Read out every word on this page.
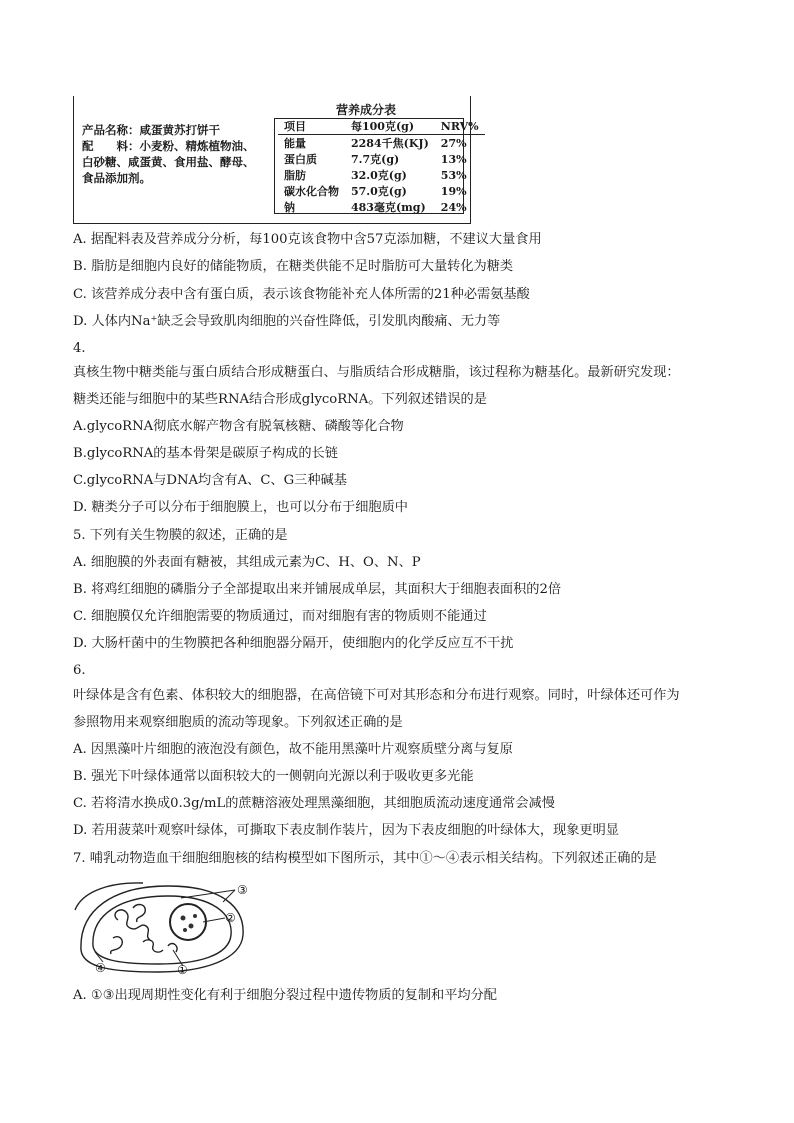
产品名称：咸蛋黄苏打饼干
配　　料：小麦粉、精炼植物油、
白砂糖、咸蛋黄、食用盐、酵母、
食品添加剂。
营养成分表
项目	每100克(g)	NRV%
能量	2284千焦(KJ)	27%
蛋白质	7.7克(g)	13%
脂肪	32.0克(g)	53%
碳水化合物	57.0克(g)	19%
钠	483毫克(mg)	24%
A. 据配料表及营养成分分析，每100克该食物中含57克添加糖，不建议大量食用
B. 脂肪是细胞内良好的储能物质，在糖类供能不足时脂肪可大量转化为糖类
C. 该营养成分表中含有蛋白质，表示该食物能补充人体所需的21种必需氨基酸
D. 人体内Na⁺缺乏会导致肌肉细胞的兴奋性降低，引发肌肉酸痛、无力等
4.
真核生物中糖类能与蛋白质结合形成糖蛋白、与脂质结合形成糖脂，该过程称为糖基化。最新研究发现：
糖类还能与细胞中的某些RNA结合形成glycoRNA。下列叙述错误的是
A.glycoRNA彻底水解产物含有脱氧核糖、磷酸等化合物
B.glycoRNA的基本骨架是碳原子构成的长链
C.glycoRNA与DNA均含有A、C、G三种碱基
D. 糖类分子可以分布于细胞膜上，也可以分布于细胞质中
5. 下列有关生物膜的叙述，正确的是
A. 细胞膜的外表面有糖被，其组成元素为C、H、O、N、P
B. 将鸡红细胞的磷脂分子全部提取出来并铺展成单层，其面积大于细胞表面积的2倍
C. 细胞膜仅允许细胞需要的物质通过，而对细胞有害的物质则不能通过
D. 大肠杆菌中的生物膜把各种细胞器分隔开，使细胞内的化学反应互不干扰
6.
叶绿体是含有色素、体积较大的细胞器，在高倍镜下可对其形态和分布进行观察。同时，叶绿体还可作为
参照物用来观察细胞质的流动等现象。下列叙述正确的是
A. 因黑藻叶片细胞的液泡没有颜色，故不能用黑藻叶片观察质壁分离与复原
B. 强光下叶绿体通常以面积较大的一侧朝向光源以利于吸收更多光能
C. 若将清水换成0.3g/mL的蔗糖溶液处理黑藻细胞，其细胞质流动速度通常会减慢
D. 若用菠菜叶观察叶绿体，可撕取下表皮制作装片，因为下表皮细胞的叶绿体大，现象更明显
7. 哺乳动物造血干细胞细胞核的结构模型如下图所示，其中①～④表示相关结构。下列叙述正确的是
③
②
④	①
A. ①③出现周期性变化有利于细胞分裂过程中遗传物质的复制和平均分配
